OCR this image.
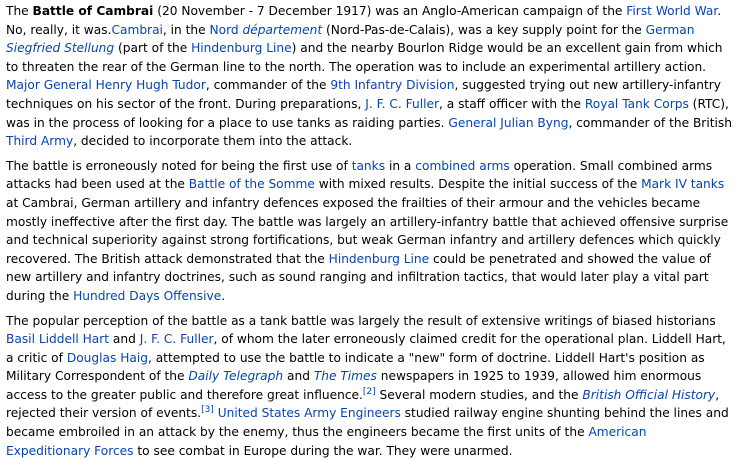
The Battle of Cambrai (20 November - 7 December 1917) was an Anglo-American campaign of the First World War. No, really, it was.Cambrai, in the Nord département (Nord-Pas-de-Calais), was a key supply point for the German Siegfried Stellung (part of the Hindenburg Line) and the nearby Bourlon Ridge would be an excellent gain from which to threaten the rear of the German line to the north. The operation was to include an experimental artillery action. Major General Henry Hugh Tudor, commander of the 9th Infantry Division, suggested trying out new artillery-infantry techniques on his sector of the front. During preparations, J. F. C. Fuller, a staff officer with the Royal Tank Corps (RTC), was in the process of looking for a place to use tanks as raiding parties. General Julian Byng, commander of the British Third Army, decided to incorporate them into the attack.

The battle is erroneously noted for being the first use of tanks in a combined arms operation. Small combined arms attacks had been used at the Battle of the Somme with mixed results. Despite the initial success of the Mark IV tanks at Cambrai, German artillery and infantry defences exposed the frailties of their armour and the vehicles became mostly ineffective after the first day. The battle was largely an artillery-infantry battle that achieved offensive surprise and technical superiority against strong fortifications, but weak German infantry and artillery defences which quickly recovered. The British attack demonstrated that the Hindenburg Line could be penetrated and showed the value of new artillery and infantry doctrines, such as sound ranging and infiltration tactics, that would later play a vital part during the Hundred Days Offensive.

The popular perception of the battle as a tank battle was largely the result of extensive writings of biased historians Basil Liddell Hart and J. F. C. Fuller, of whom the later erroneously claimed credit for the operational plan. Liddell Hart, a critic of Douglas Haig, attempted to use the battle to indicate a "new" form of doctrine. Liddell Hart's position as Military Correspondent of the Daily Telegraph and The Times newspapers in 1925 to 1939, allowed him enormous access to the greater public and therefore great influence.[2] Several modern studies, and the British Official History, rejected their version of events.[3] United States Army Engineers studied railway engine shunting behind the lines and became embroiled in an attack by the enemy, thus the engineers became the first units of the American Expeditionary Forces to see combat in Europe during the war. They were unarmed.
